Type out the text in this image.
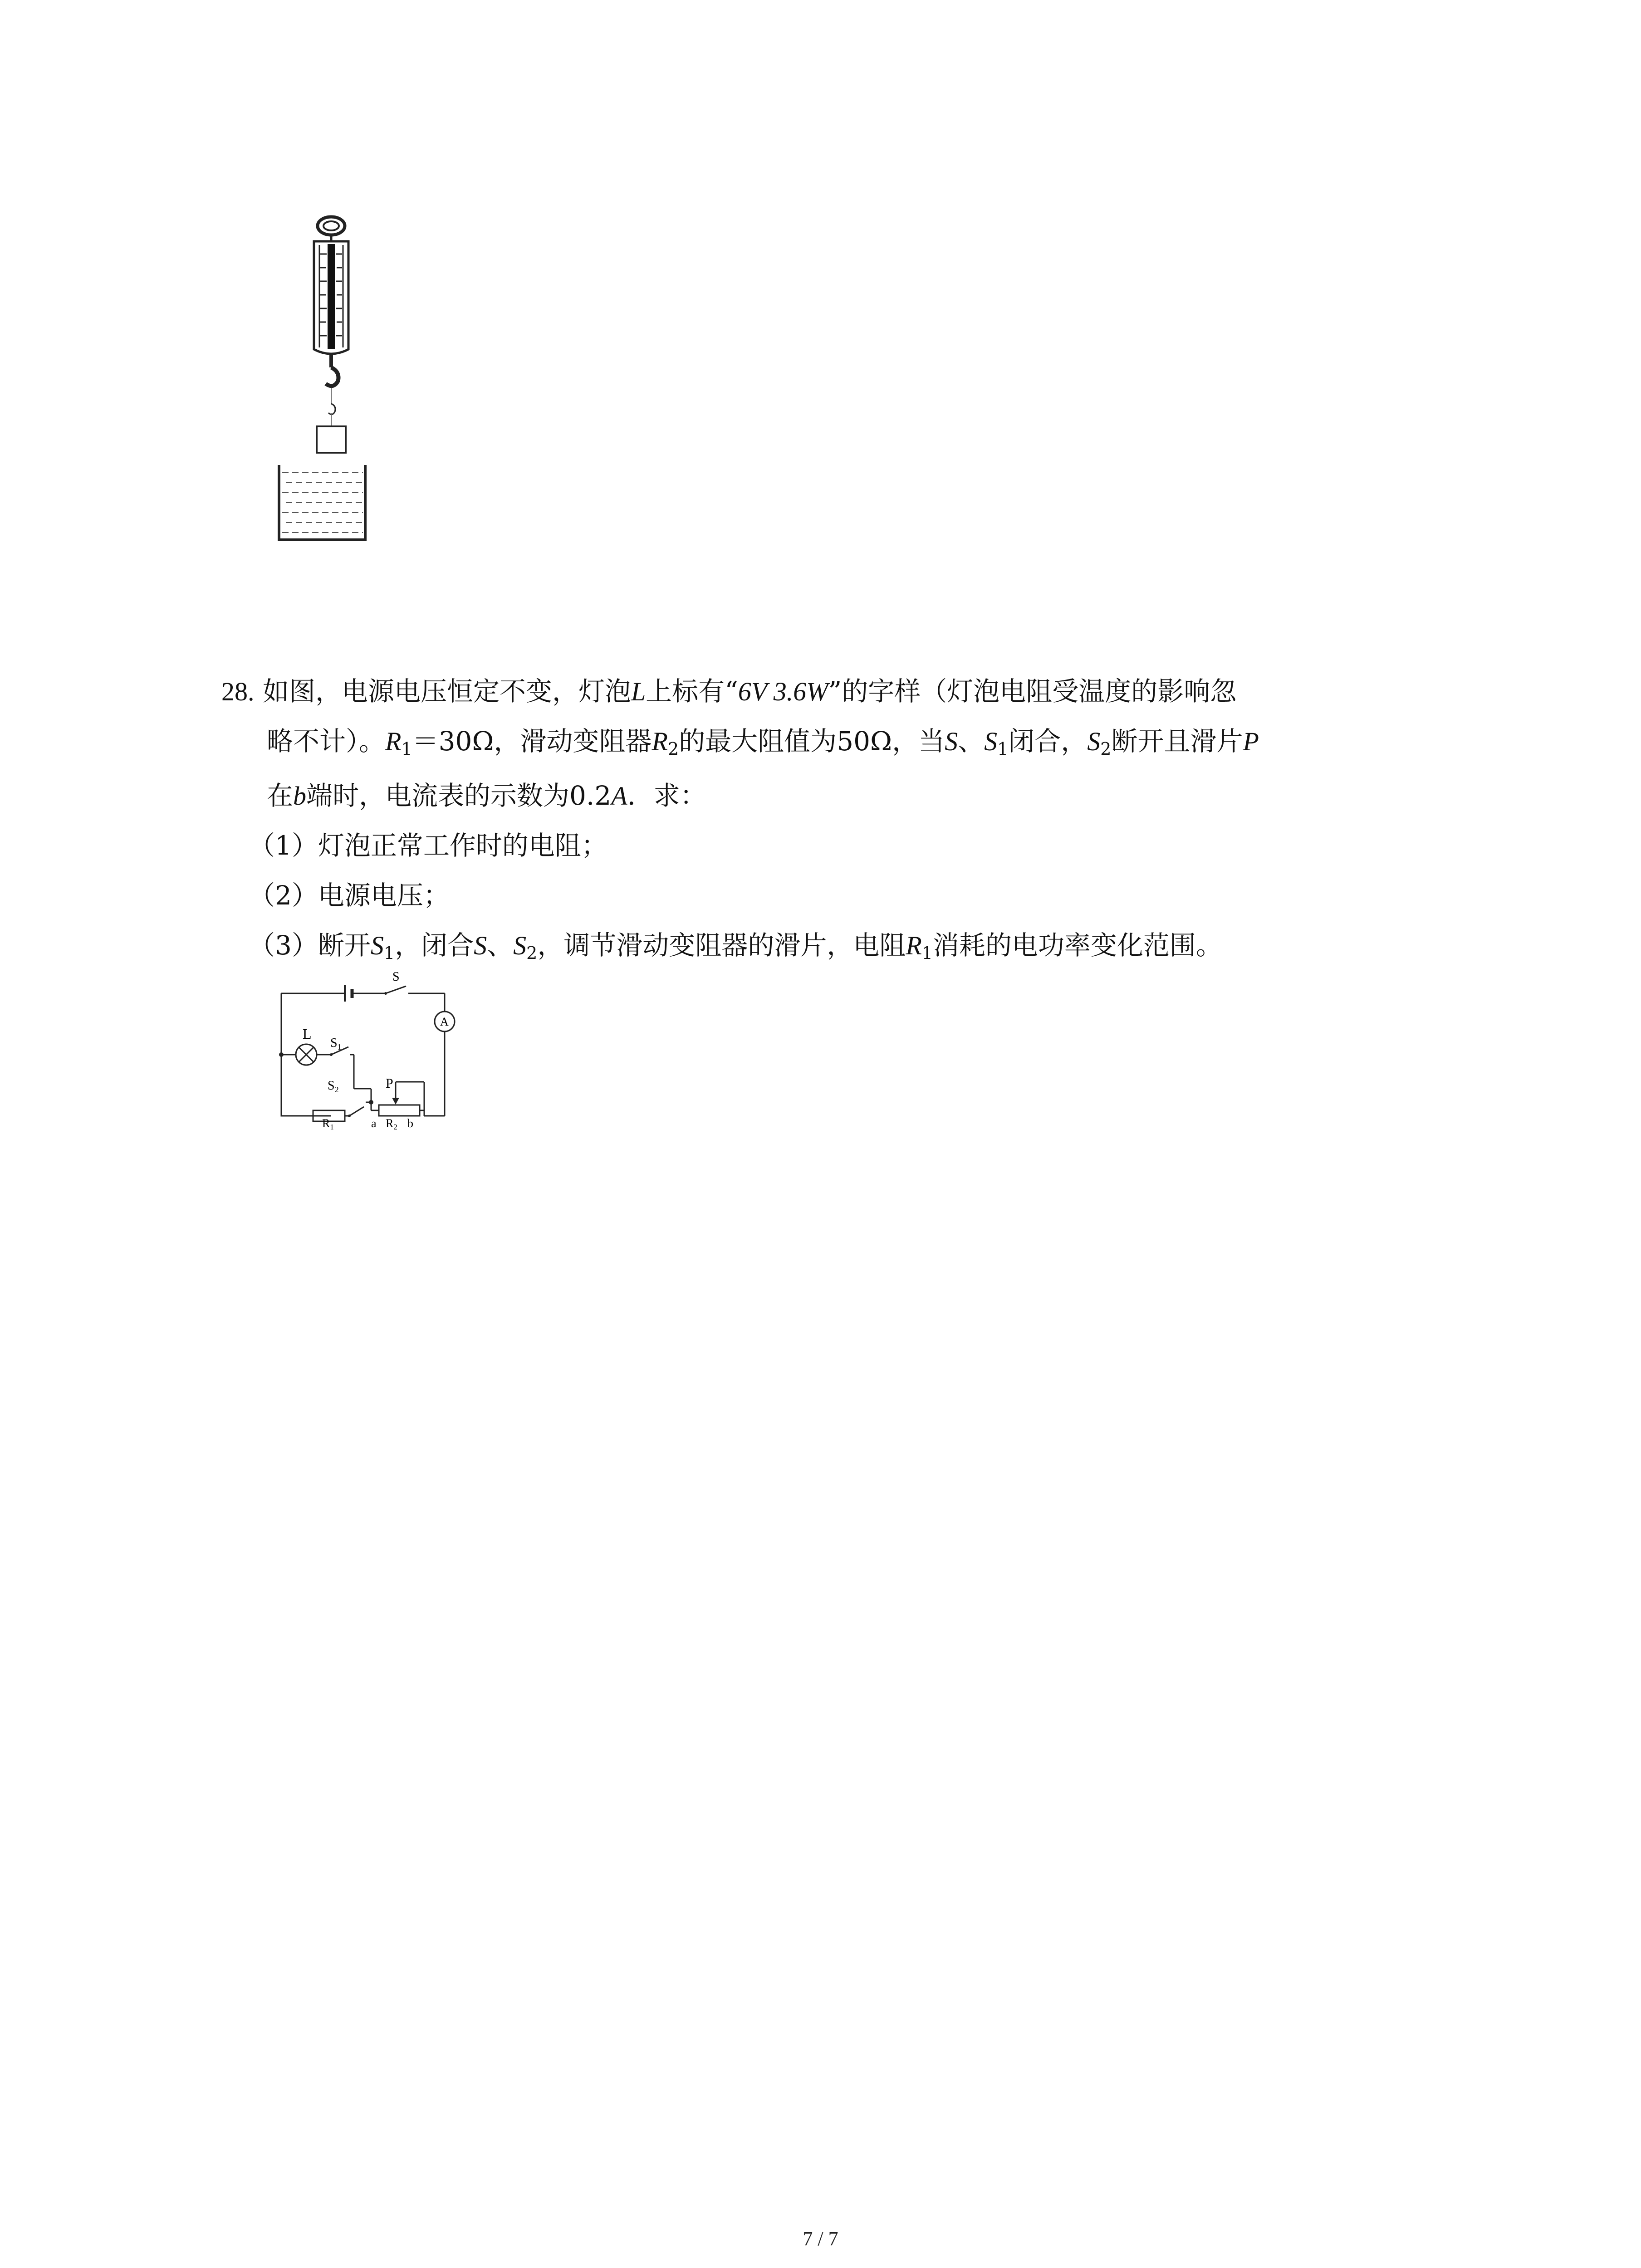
28. 如图，电源电压恒定不变，灯泡L上标有“6V 3.6W”的字样（灯泡电阻受温度的影响忽
略不计）。$R_1=30\Omega$，滑动变阻器$R_2$的最大阻值为50Ω，当S、$S_1$闭合，$S_2$断开且滑片P
在b端时，电流表的示数为0.2A．求：
（1）灯泡正常工作时的电阻；
（2）电源电压；
（3）断开$S_1$，闭合S、$S_2$，调节滑动变阻器的滑片，电阻$R_1$消耗的电功率变化范围。
S
L
$S_1$
$S_2$
A
P
a R2 b
R1
7 / 7
